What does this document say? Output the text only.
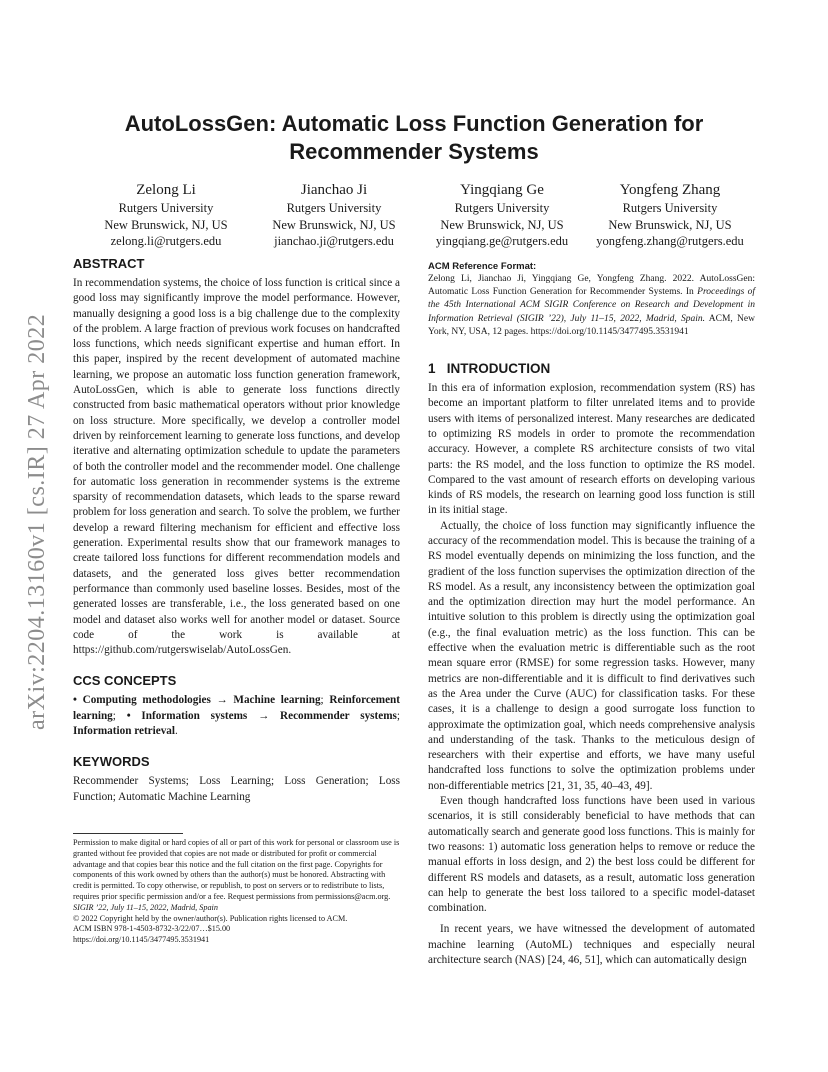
arXiv:2204.13160v1 [cs.IR] 27 Apr 2022
AutoLossGen: Automatic Loss Function Generation for Recommender Systems
Zelong Li
Rutgers University
New Brunswick, NJ, US
zelong.li@rutgers.edu
Jianchao Ji
Rutgers University
New Brunswick, NJ, US
jianchao.ji@rutgers.edu
Yingqiang Ge
Rutgers University
New Brunswick, NJ, US
yingqiang.ge@rutgers.edu
Yongfeng Zhang
Rutgers University
New Brunswick, NJ, US
yongfeng.zhang@rutgers.edu
ABSTRACT

In recommendation systems, the choice of loss function is critical since a good loss may significantly improve the model performance. However, manually designing a good loss is a big challenge due to the complexity of the problem. A large fraction of previous work focuses on handcrafted loss functions, which needs significant expertise and human effort. In this paper, inspired by the recent development of automated machine learning, we propose an automatic loss function generation framework, AutoLossGen, which is able to generate loss functions directly constructed from basic mathematical operators without prior knowledge on loss structure. More specifically, we develop a controller model driven by reinforcement learning to generate loss functions, and develop iterative and alternating optimization schedule to update the parameters of both the controller model and the recommender model. One challenge for automatic loss generation in recommender systems is the extreme sparsity of recommendation datasets, which leads to the sparse reward problem for loss generation and search. To solve the problem, we further develop a reward filtering mechanism for efficient and effective loss generation. Experimental results show that our framework manages to create tailored loss functions for different recommendation models and datasets, and the generated loss gives better recommendation performance than commonly used baseline losses. Besides, most of the generated losses are transferable, i.e., the loss generated based on one model and dataset also works well for another model or dataset. Source code of the work is available at https://github.com/rutgerswiselab/AutoLossGen.

CCS CONCEPTS

• Computing methodologies → Machine learning; Reinforcement learning; • Information systems → Recommender systems; Information retrieval.

KEYWORDS

Recommender Systems; Loss Learning; Loss Generation; Loss Function; Automatic Machine Learning

Permission to make digital or hard copies of all or part of this work for personal or classroom use is granted without fee provided that copies are not made or distributed for profit or commercial advantage and that copies bear this notice and the full citation on the first page. Copyrights for components of this work owned by others than the author(s) must be honored. Abstracting with credit is permitted. To copy otherwise, or republish, to post on servers or to redistribute to lists, requires prior specific permission and/or a fee. Request permissions from permissions@acm.org.
SIGIR ’22, July 11–15, 2022, Madrid, Spain
© 2022 Copyright held by the owner/author(s). Publication rights licensed to ACM.
ACM ISBN 978-1-4503-8732-3/22/07…$15.00
https://doi.org/10.1145/3477495.3531941
ACM Reference Format:

Zelong Li, Jianchao Ji, Yingqiang Ge, Yongfeng Zhang. 2022. AutoLossGen: Automatic Loss Function Generation for Recommender Systems. In Proceedings of the 45th International ACM SIGIR Conference on Research and Development in Information Retrieval (SIGIR ’22), July 11–15, 2022, Madrid, Spain. ACM, New York, NY, USA, 12 pages. https://doi.org/10.1145/3477495.3531941

1   INTRODUCTION

In this era of information explosion, recommendation system (RS) has become an important platform to filter unrelated items and to provide users with items of personalized interest. Many researches are dedicated to optimizing RS models in order to promote the recommendation accuracy. However, a complete RS architecture consists of two vital parts: the RS model, and the loss function to optimize the RS model. Compared to the vast amount of research efforts on developing various kinds of RS models, the research on learning good loss function is still in its initial stage.

Actually, the choice of loss function may significantly influence the accuracy of the recommendation model. This is because the training of a RS model eventually depends on minimizing the loss function, and the gradient of the loss function supervises the optimization direction of the RS model. As a result, any inconsistency between the optimization goal and the optimization direction may hurt the model performance. An intuitive solution to this problem is directly using the optimization goal (e.g., the final evaluation metric) as the loss function. This can be effective when the evaluation metric is differentiable such as the root mean square error (RMSE) for some regression tasks. However, many metrics are non-differentiable and it is difficult to find derivatives such as the Area under the Curve (AUC) for classification tasks. For these cases, it is a challenge to design a good surrogate loss function to approximate the optimization goal, which needs comprehensive analysis and understanding of the task. Thanks to the meticulous design of researchers with their expertise and efforts, we have many useful handcrafted loss functions to solve the optimization problems under non-differentiable metrics [21, 31, 35, 40–43, 49].

Even though handcrafted loss functions have been used in various scenarios, it is still considerably beneficial to have methods that can automatically search and generate good loss functions. This is mainly for two reasons: 1) automatic loss generation helps to remove or reduce the manual efforts in loss design, and 2) the best loss could be different for different RS models and datasets, as a result, automatic loss generation can help to generate the best loss tailored to a specific model-dataset combination.

In recent years, we have witnessed the development of automated machine learning (AutoML) techniques and especially neural architecture search (NAS) [24, 46, 51], which can automatically design
